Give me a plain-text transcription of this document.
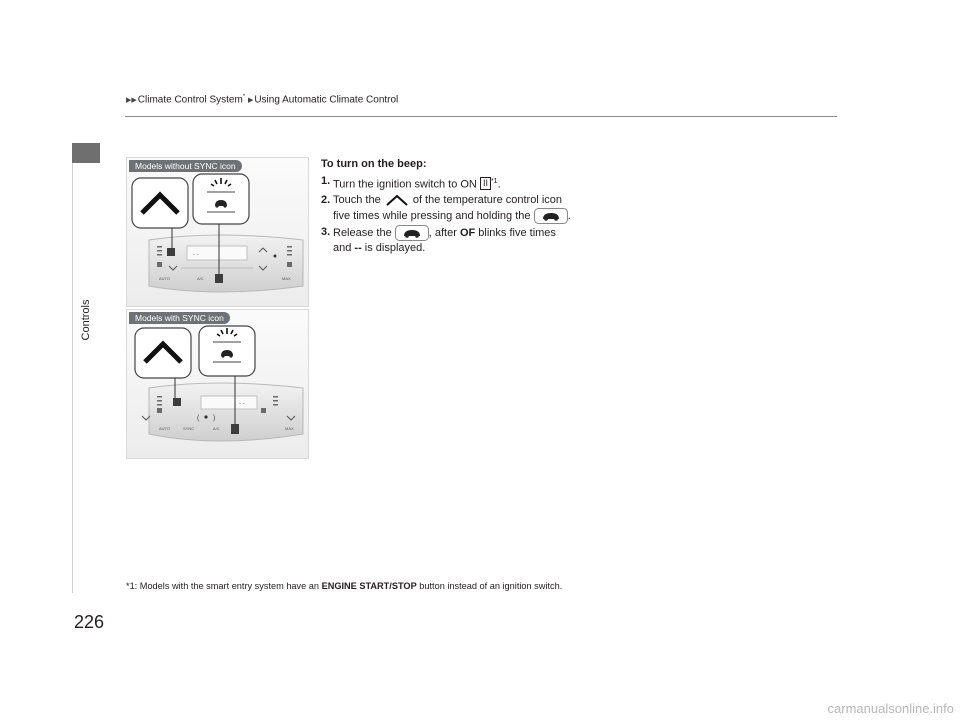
Controls
▶▶Climate Control System* ▶Using Automatic Climate Control
- -
AUTO	A/C	MAX
Models without SYNC icon
- -
( )
AUTO	SYNC	A/C	MAX
Models with SYNC icon
To turn on the beep:
1. Turn the ignition switch to ON II $^{*1}$.
2. Touch the  of the temperature control icon five times while pressing and holding the	.
3. Release the	, after OF blinks five times and -- is displayed.
*1: Models with the smart entry system have an ENGINE START/STOP button instead of an ignition switch.
226
carmanualsonline.info
